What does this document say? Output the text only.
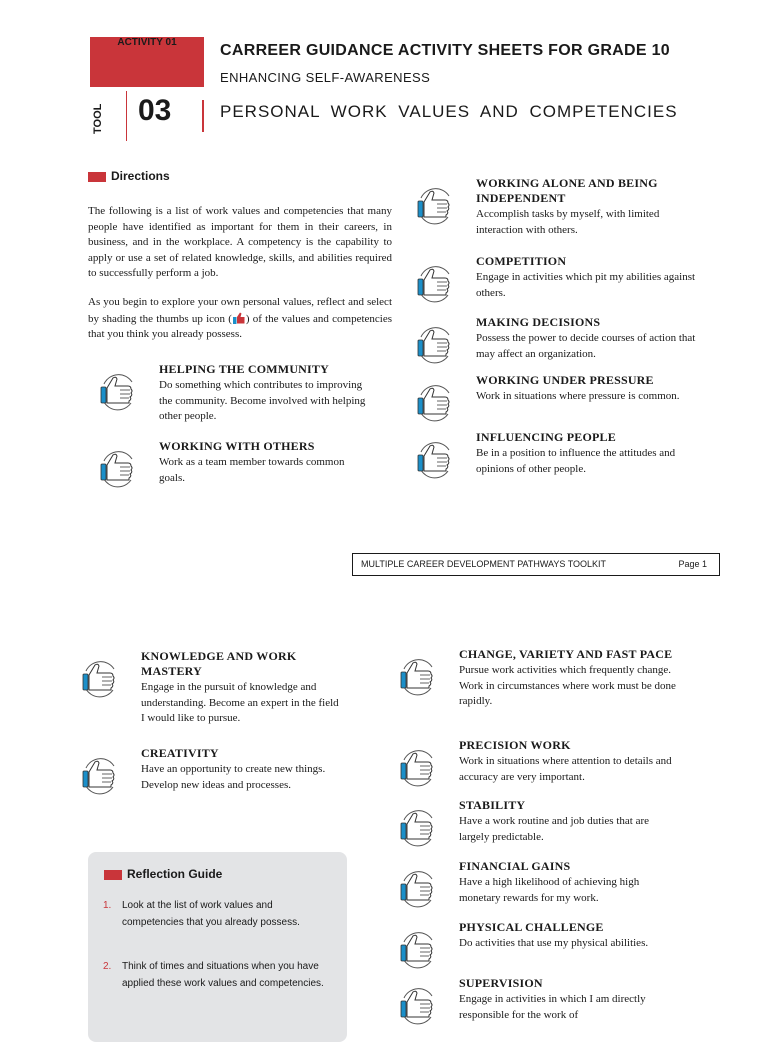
ACTIVITY 01	CARREER GUIDANCE ACTIVITY SHEETS FOR GRADE 10
ENHANCING SELF-AWARENESS
TOOL 03	PERSONAL WORK VALUES AND COMPETENCIES
Directions
The following is a list of work values and competencies that many people have identified as important for them in their careers, in business, and in the workplace. A competency is the capability to apply or use a set of related knowledge, skills, and abilities required to successfully perform a job.
As you begin to explore your own personal values, reflect and select by shading the thumbs up icon ( ) of the values and competencies that you think you already possess.
HELPING THE COMMUNITY
Do something which contributes to improving the community. Become involved with helping other people.
WORKING WITH OTHERS
Work as a team member towards common goals.
WORKING ALONE AND BEING INDEPENDENT
Accomplish tasks by myself, with limited interaction with others.
COMPETITION
Engage in activities which pit my abilities against others.
MAKING DECISIONS
Possess the power to decide courses of action that may affect an organization.
WORKING UNDER PRESSURE
Work in situations where pressure is common.
INFLUENCING PEOPLE
Be in a position to influence the attitudes and opinions of other people.
KNOWLEDGE AND WORK MASTERY
Engage in the pursuit of knowledge and understanding. Become an expert in the field I would like to pursue.
CREATIVITY
Have an opportunity to create new things. Develop new ideas and processes.
CHANGE, VARIETY AND FAST PACE
Pursue work activities which frequently change. Work in circumstances where work must be done rapidly.
PRECISION WORK
Work in situations where attention to details and accuracy are very important.
STABILITY
Have a work routine and job duties that are largely predictable.
FINANCIAL GAINS
Have a high likelihood of achieving high monetary rewards for my work.
PHYSICAL CHALLENGE
Do activities that use my physical abilities.
SUPERVISION
Engage in activities in which I am directly responsible for the work of
MULTIPLE CAREER DEVELOPMENT PATHWAYS TOOLKIT	Page 1
Reflection Guide
1. Look at the list of work values and competencies that you already possess.
2. Think of times and situations when you have applied these work values and competencies.
